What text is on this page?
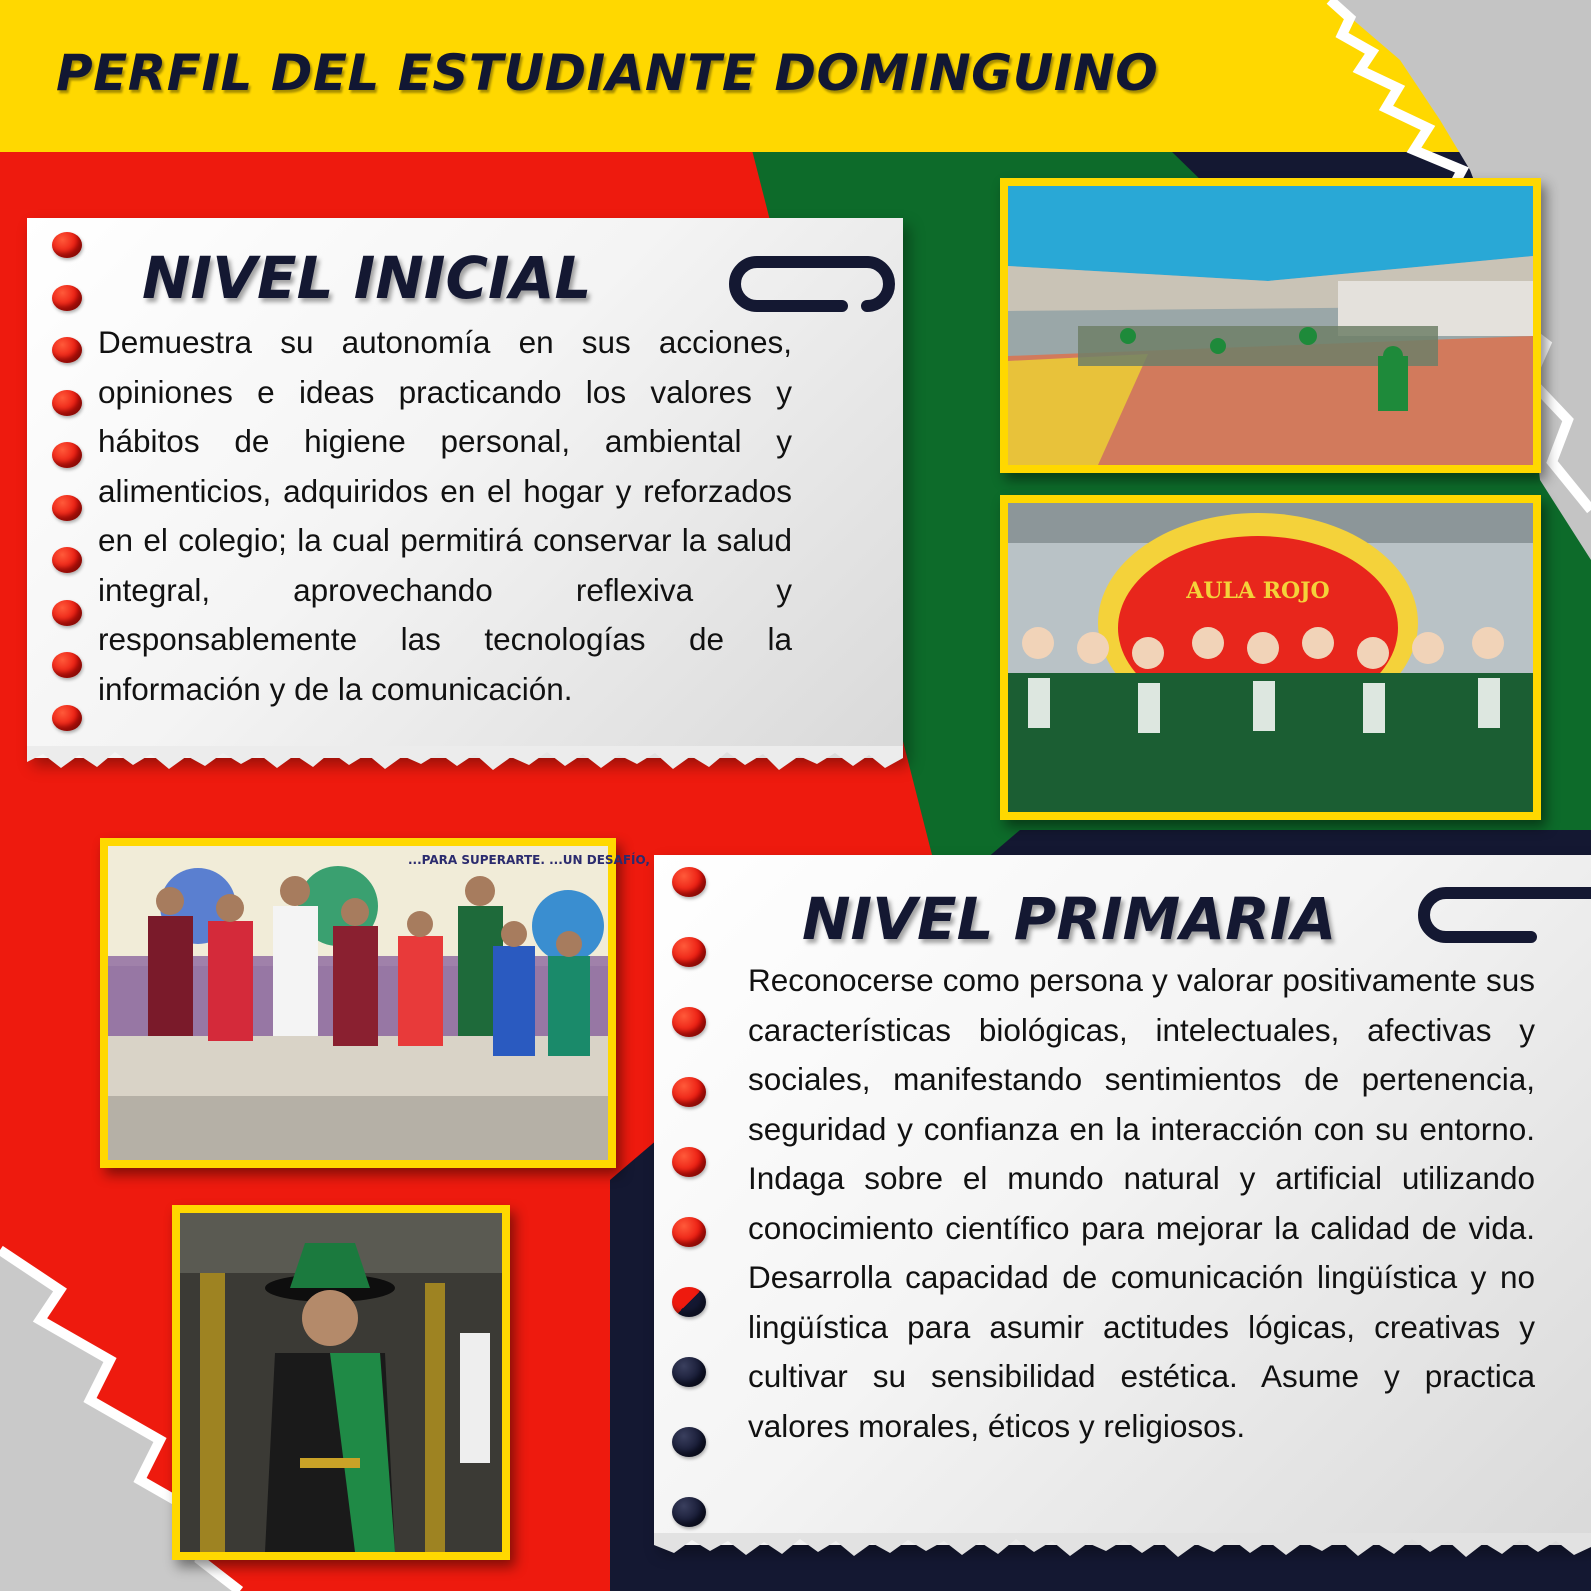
PERFIL DEL ESTUDIANTE DOMINGUINO
NIVEL INICIAL

Demuestra su autonomía en sus acciones, opiniones e ideas practicando los valores y hábitos de higiene personal, ambiental y alimenticios, adquiridos en el hogar y reforzados en el colegio; la cual permitirá conservar la salud integral, aprovechando reflexiva y responsablemente las tecnologías de la información y de la comunicación.

NIVEL PRIMARIA

Reconocerse como persona y valorar positivamente sus características biológicas, intelectuales, afectivas y sociales, manifestando sentimientos de pertenencia, seguridad y confianza en la interacción con su entorno. Indaga sobre el mundo natural y artificial utilizando conocimiento científico para mejorar la calidad de vida. Desarrolla capacidad de comunicación lingüística y no lingüística para asumir actitudes lógicas, creativas y cultivar su sensibilidad estética. Asume y practica valores morales, éticos y religiosos.

AULA ROJO
...PARA SUPERARTE. ...UN DESAFÍO,
